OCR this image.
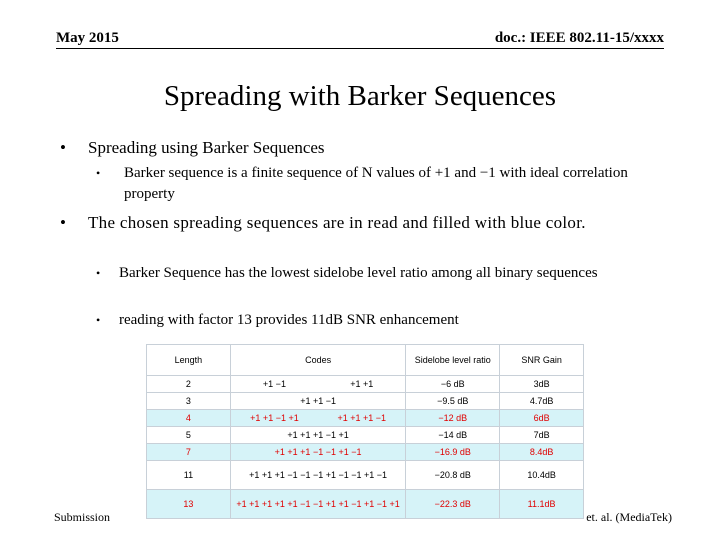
May 2015	doc.: IEEE 802.11-15/xxxx
Spreading with Barker Sequences
• Spreading using Barker Sequences
• Barker sequence is a finite sequence of N values of +1 and −1 with ideal correlation property
• The chosen spreading sequences are in read and filled with blue color.
• Barker Sequence has the lowest sidelobe level ratio among all binary sequences
• reading with factor 13 provides 11dB SNR enhancement
Submission	et. al. (MediaTek)
Length	Codes	Sidelobe level ratio	SNR Gain
2	+1 −1 +1 +1	−6 dB	3dB
3	+1 +1 −1	−9.5 dB	4.7dB
4	+1 +1 −1 +1 +1 +1 +1 −1	−12 dB	6dB
5	+1 +1 +1 −1 +1	−14 dB	7dB
7	+1 +1 +1 −1 −1 +1 −1	−16.9 dB	8.4dB
11	+1 +1 +1 −1 −1 −1 +1 −1 −1 +1 −1	−20.8 dB	10.4dB
13	+1 +1 +1 +1 +1 −1 −1 +1 +1 −1 +1 −1 +1	−22.3 dB	11.1dB
